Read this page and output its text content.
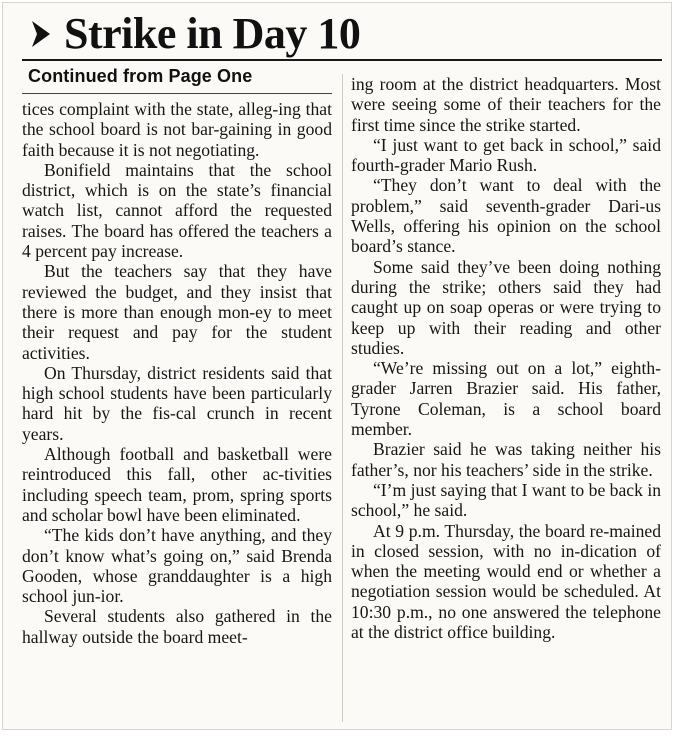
Strike in Day 10
Continued from Page One

tices complaint with the state, alleg-ing that the school board is not bar-gaining in good faith because it is not negotiating.

Bonifield maintains that the school district, which is on the state’s financial watch list, cannot afford the requested raises. The board has offered the teachers a 4 percent pay increase.

But the teachers say that they have reviewed the budget, and they insist that there is more than enough mon-ey to meet their request and pay for the student activities.

On Thursday, district residents said that high school students have been particularly hard hit by the fis-cal crunch in recent years.

Although football and basketball were reintroduced this fall, other ac-tivities including speech team, prom, spring sports and scholar bowl have been eliminated.

“The kids don’t have anything, and they don’t know what’s going on,” said Brenda Gooden, whose granddaughter is a high school jun-ior.

Several students also gathered in the hallway outside the board meet-

ing room at the district headquarters. Most were seeing some of their teachers for the first time since the strike started.

“I just want to get back in school,” said fourth-grader Mario Rush.

“They don’t want to deal with the problem,” said seventh-grader Dari-us Wells, offering his opinion on the school board’s stance.

Some said they’ve been doing nothing during the strike; others said they had caught up on soap operas or were trying to keep up with their reading and other studies.

“We’re missing out on a lot,” eighth-grader Jarren Brazier said. His father, Tyrone Coleman, is a school board member.

Brazier said he was taking neither his father’s, nor his teachers’ side in the strike.

“I’m just saying that I want to be back in school,” he said.

At 9 p.m. Thursday, the board re-mained in closed session, with no in-dication of when the meeting would end or whether a negotiation session would be scheduled. At 10:30 p.m., no one answered the telephone at the district office building.
